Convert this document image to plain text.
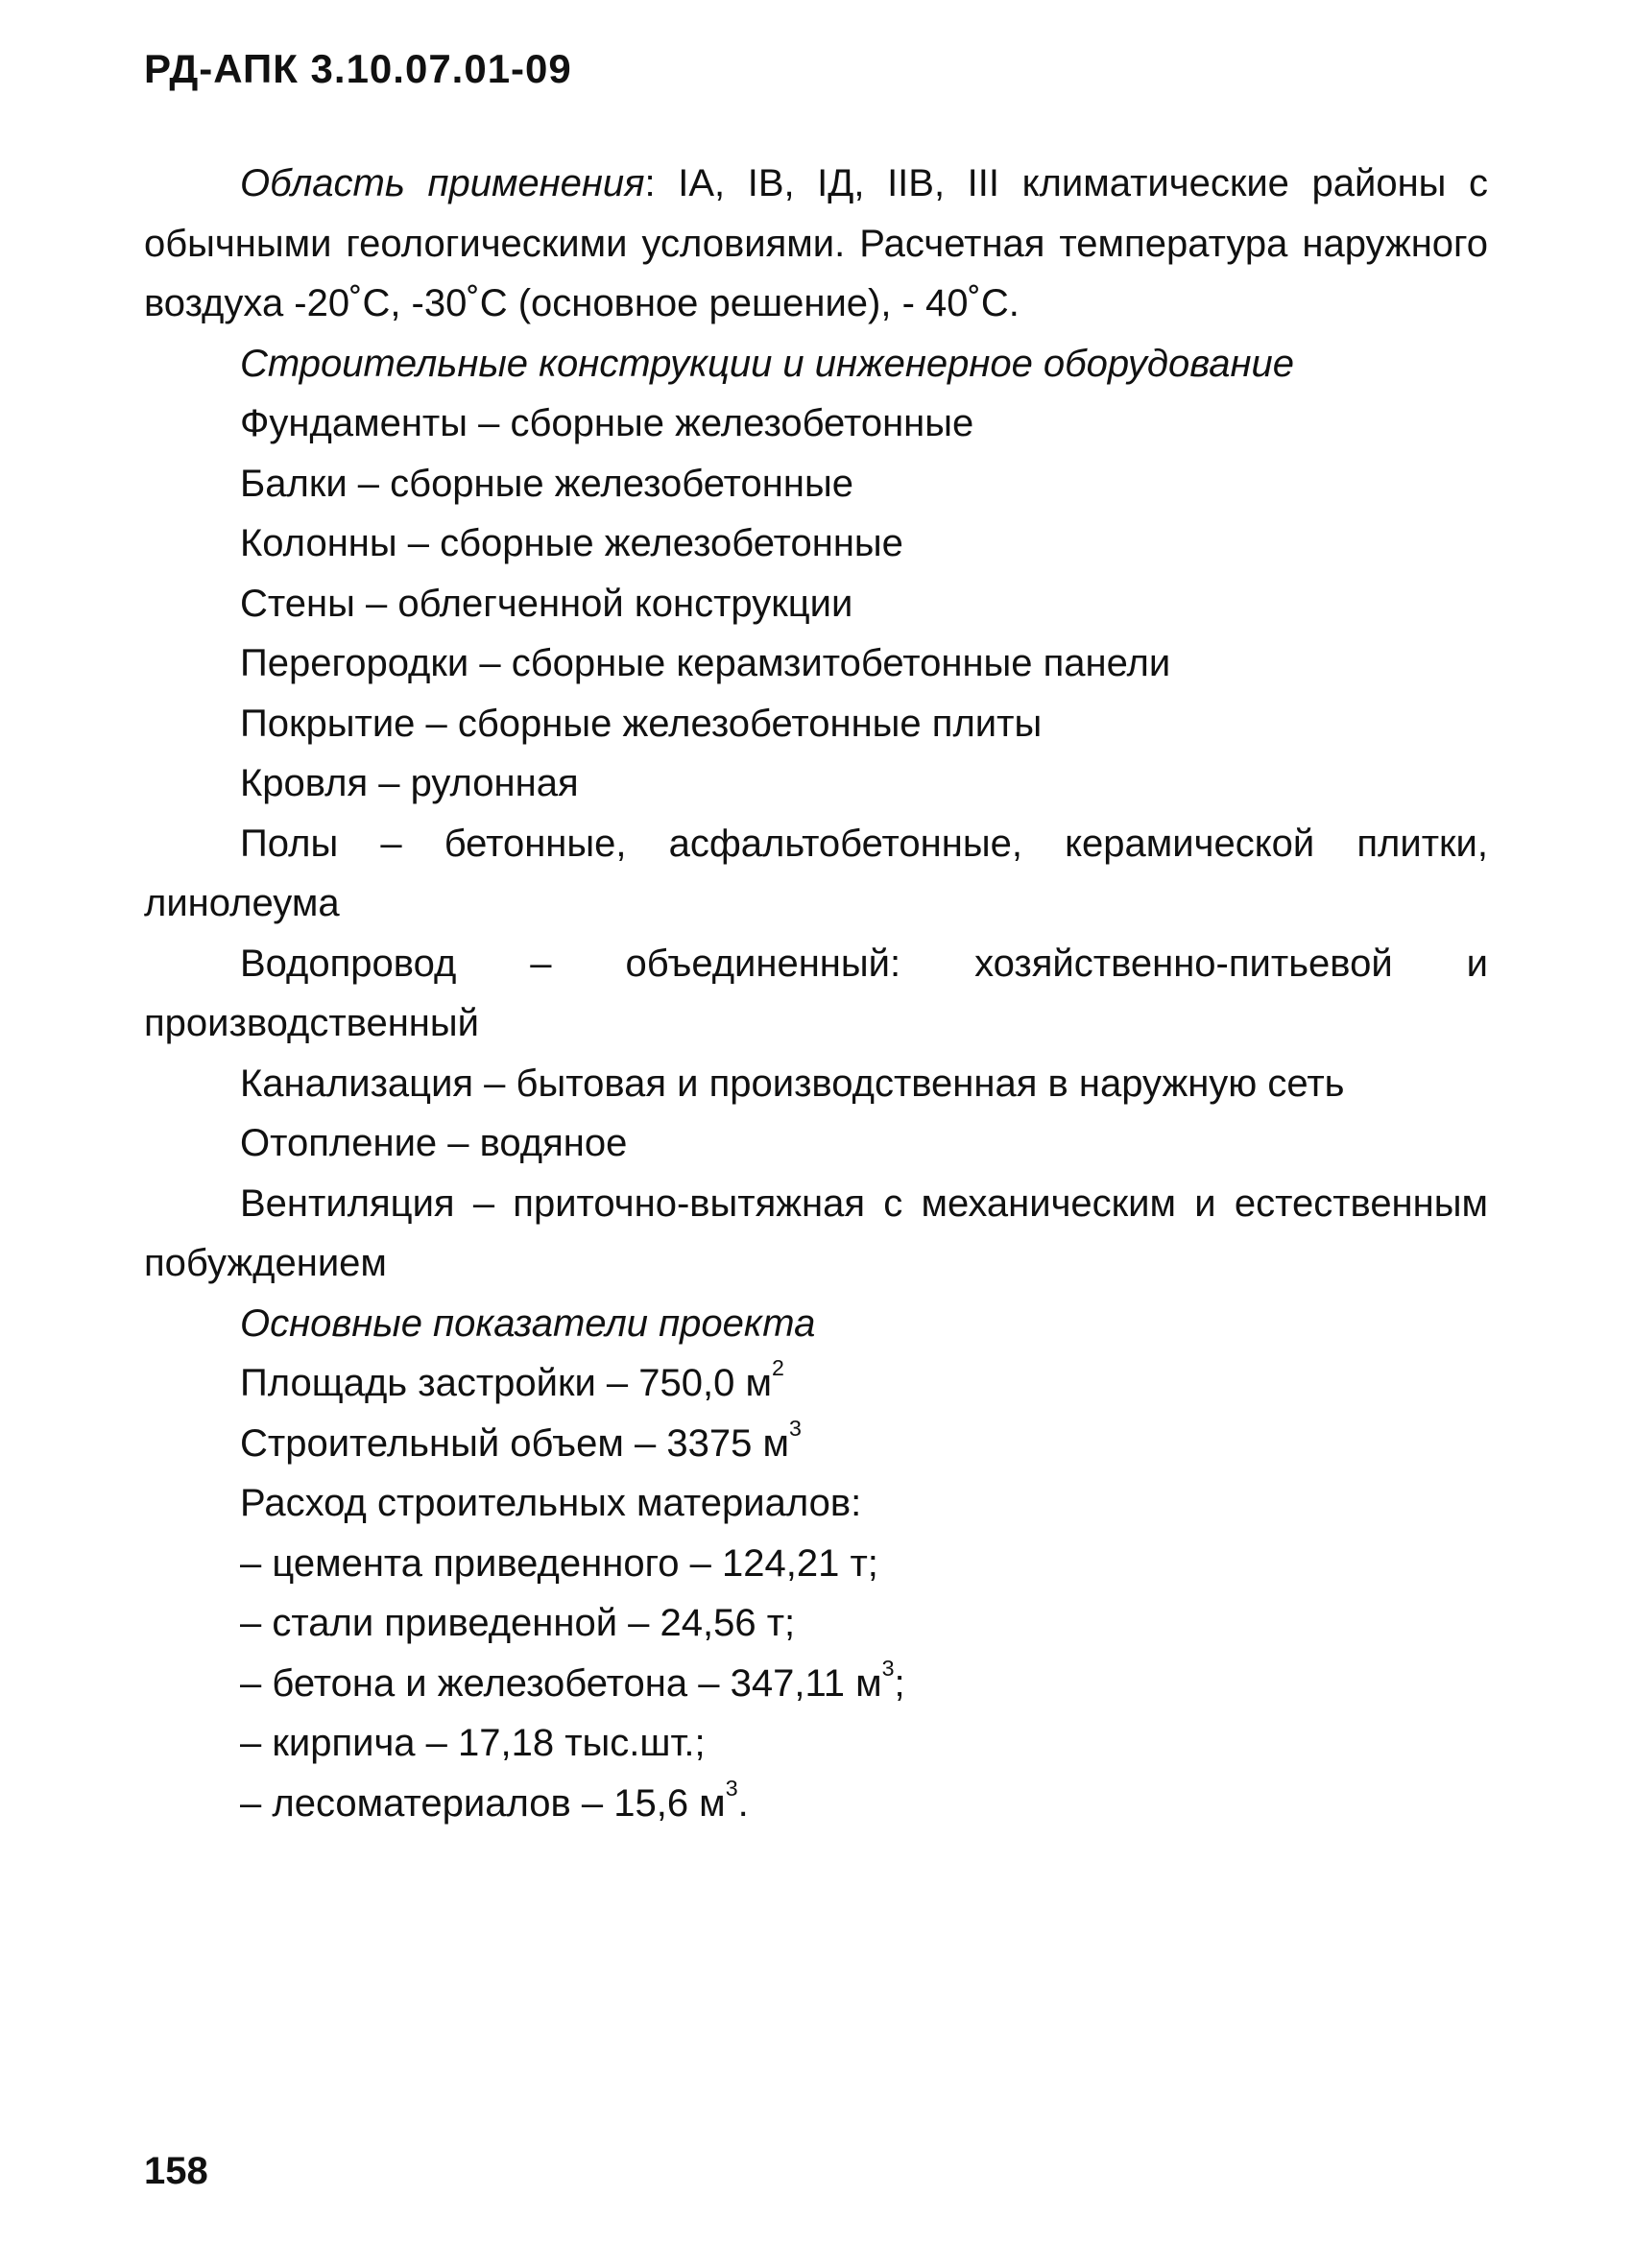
РД-АПК 3.10.07.01-09

Область применения: IA, IB, IД, IIB, III климатические районы с обычными геологическими условиями. Расчетная температура наружного воздуха -20˚С, -30˚С (основное решение), - 40˚С.

Строительные конструкции и инженерное оборудование

Фундаменты – сборные железобетонные

Балки – сборные железобетонные

Колонны – сборные железобетонные

Стены – облегченной конструкции

Перегородки – сборные керамзитобетонные панели

Покрытие – сборные железобетонные плиты

Кровля – рулонная

Полы – бетонные, асфальтобетонные, керамической плитки, линолеума

Водопровод – объединенный: хозяйственно-питьевой и производственный

Канализация – бытовая и производственная в наружную сеть

Отопление – водяное

Вентиляция – приточно-вытяжная с механическим и естественным побуждением

Основные показатели проекта

Площадь застройки – 750,0 $м^2$

Строительный объем – 3375 $м^3$

Расход строительных материалов:

– цемента приведенного – 124,21 т;

– стали приведенной – 24,56 т;

– бетона и железобетона – 347,11 $м^3$;

– кирпича – 17,18 тыс.шт.;

– лесоматериалов – 15,6 $м^3$.

158
